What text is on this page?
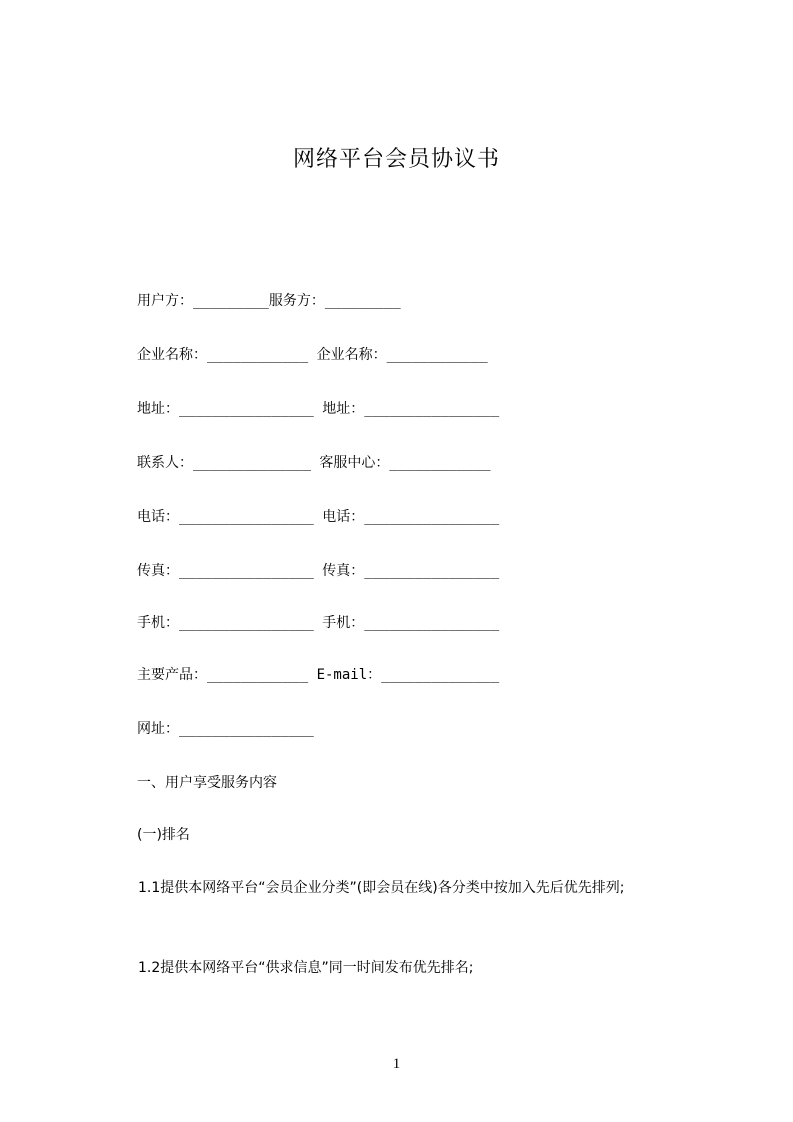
网络平台会员协议书
用户方：_________服务方：_________
企业名称：____________ 企业名称：____________
地址：________________ 地址：________________
联系人：______________ 客服中心：____________
电话：________________ 电话：________________
传真：________________ 传真：________________
手机：________________ 手机：________________
主要产品：____________ E-mail：______________
网址：________________
一、用户享受服务内容
(一)排名
1.1提供本网络平台“会员企业分类”(即会员在线)各分类中按加入先后优先排列;
1.2提供本网络平台“供求信息”同一时间发布优先排名;
1
